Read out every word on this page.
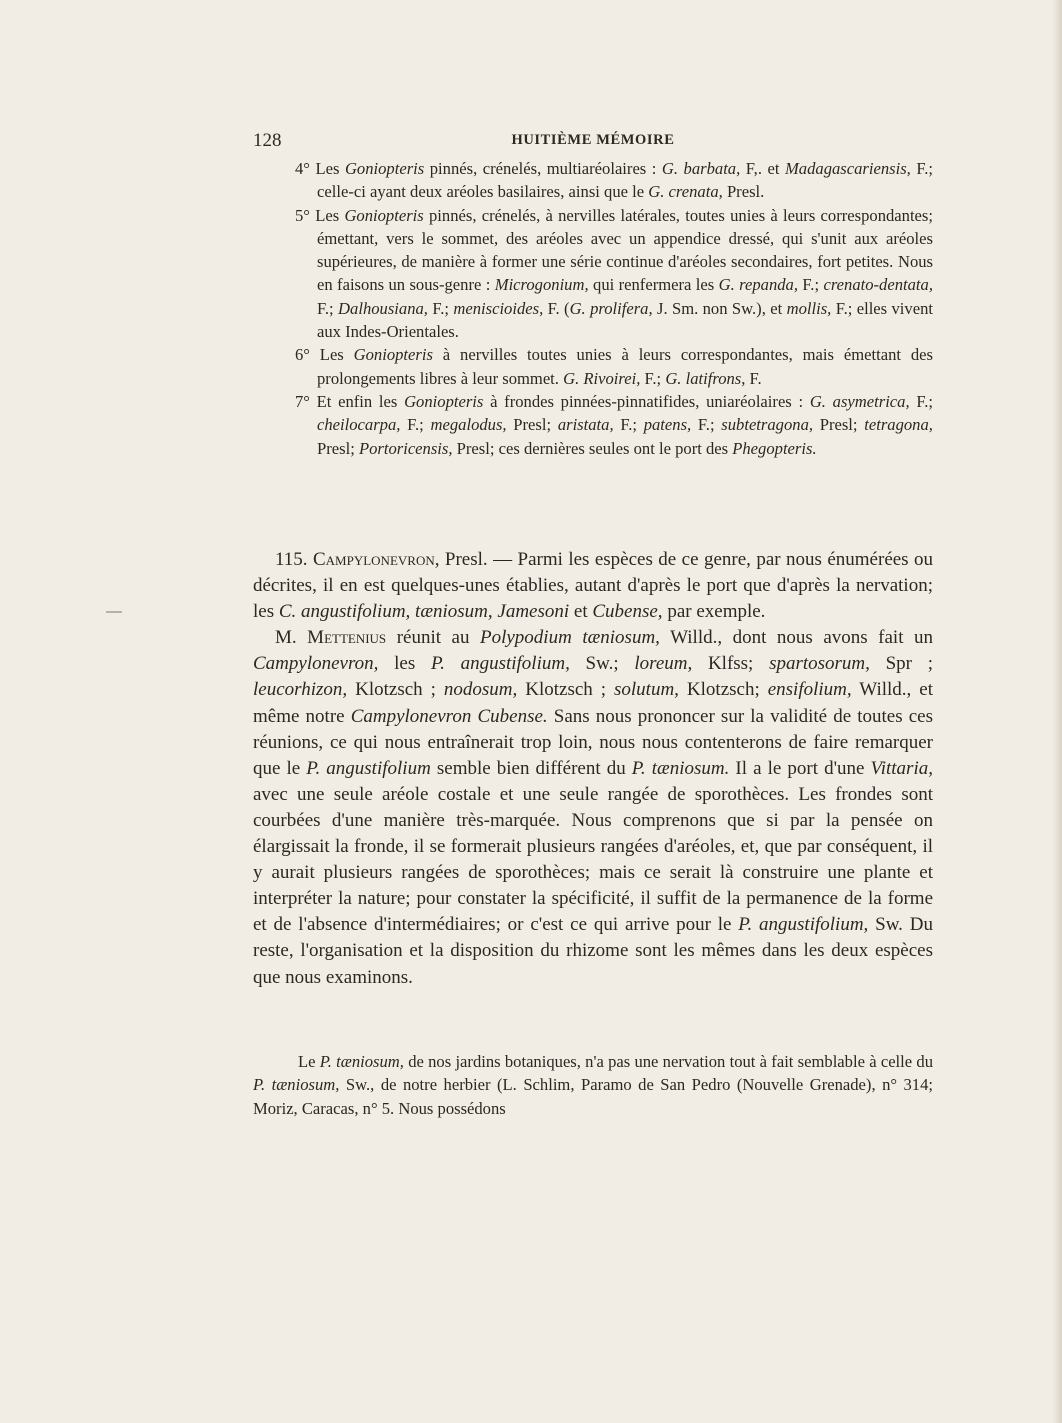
128	HUITIÈME MÉMOIRE

4° Les Goniopteris pinnés, crénelés, multiaréolaires : G. barbata, F,. et Madagascariensis, F.; celle-ci ayant deux aréoles basilaires, ainsi que le G. crenata, Presl.

5° Les Goniopteris pinnés, crénelés, à nervilles latérales, toutes unies à leurs correspondantes; émettant, vers le sommet, des aréoles avec un appendice dressé, qui s'unit aux aréoles supérieures, de manière à former une série continue d'aréoles secondaires, fort petites. Nous en faisons un sous-genre : Microgonium, qui renfermera les G. repanda, F.; crenato-dentata, F.; Dalhousiana, F.; meniscioides, F. (G. prolifera, J. Sm. non Sw.), et mollis, F.; elles vivent aux Indes-Orientales.

6° Les Goniopteris à nervilles toutes unies à leurs correspondantes, mais émettant des prolongements libres à leur sommet. G. Rivoirei, F.; G. latifrons, F.

7° Et enfin les Goniopteris à frondes pinnées-pinnatifides, uniaréolaires : G. asymetrica, F.; cheilocarpa, F.; megalodus, Presl; aristata, F.; patens, F.; subtetragona, Presl; tetragona, Presl; Portoricensis, Presl; ces dernières seules ont le port des Phegopteris.

115. Campylonevron, Presl. — Parmi les espèces de ce genre, par nous énumérées ou décrites, il en est quelques-unes établies, autant d'après le port que d'après la nervation; les C. angustifolium, tæniosum, Jamesoni et Cubense, par exemple.

M. Mettenius réunit au Polypodium tæniosum, Willd., dont nous avons fait un Campylonevron, les P. angustifolium, Sw.; loreum, Klfss; spartosorum, Spr ; leucorhizon, Klotzsch ; nodosum, Klotzsch ; solutum, Klotzsch; ensifolium, Willd., et même notre Campylonevron Cubense. Sans nous prononcer sur la validité de toutes ces réunions, ce qui nous entraînerait trop loin, nous nous contenterons de faire remarquer que le P. angustifolium semble bien différent du P. tæniosum. Il a le port d'une Vittaria, avec une seule aréole costale et une seule rangée de sporothèces. Les frondes sont courbées d'une manière très-marquée. Nous comprenons que si par la pensée on élargissait la fronde, il se formerait plusieurs rangées d'aréoles, et, que par conséquent, il y aurait plusieurs rangées de sporothèces; mais ce serait là construire une plante et interpréter la nature; pour constater la spécificité, il suffit de la permanence de la forme et de l'absence d'intermédiaires; or c'est ce qui arrive pour le P. angustifolium, Sw. Du reste, l'organisation et la disposition du rhizome sont les mêmes dans les deux espèces que nous examinons.

Le P. tæniosum, de nos jardins botaniques, n'a pas une nervation tout à fait semblable à celle du P. tæniosum, Sw., de notre herbier (L. Schlim, Paramo de San Pedro (Nouvelle Grenade), n° 314; Moriz, Caracas, n° 5. Nous possédons
